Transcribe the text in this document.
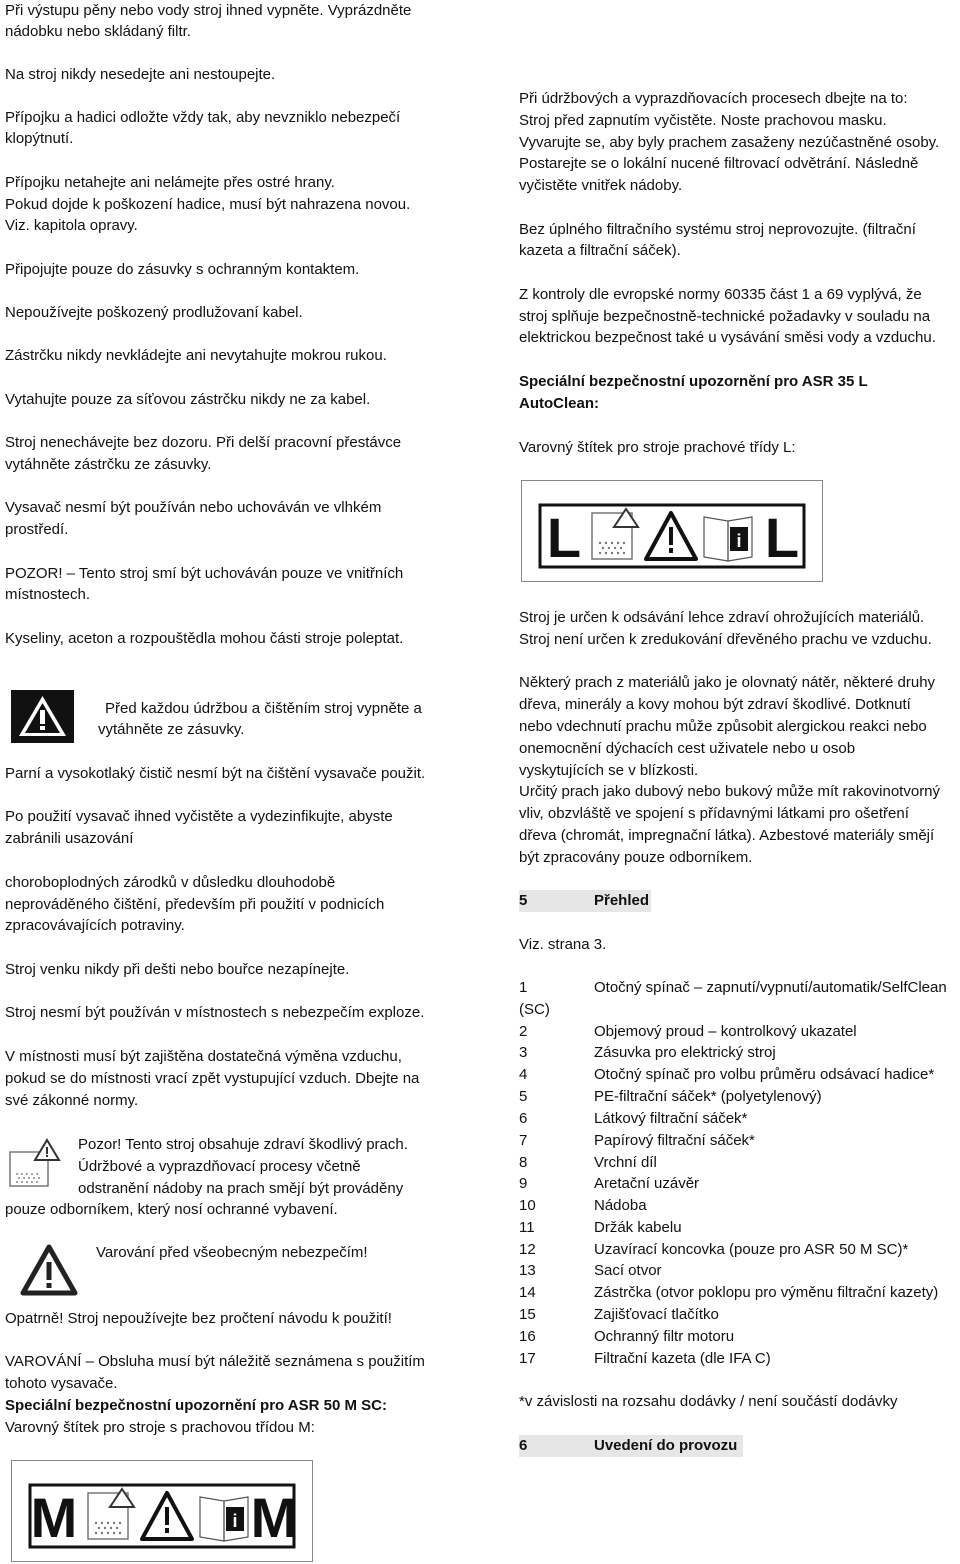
Při výstupu pěny nebo vody stroj ihned vypněte. Vyprázdněte

nádobku nebo skládaný filtr.

Na stroj nikdy nesedejte ani nestoupejte.

Přípojku a hadici odložte vždy tak, aby nevzniklo nebezpečí

klopýtnutí.

Přípojku netahejte ani nelámejte přes ostré hrany.

Pokud dojde k poškození hadice, musí být nahrazena novou.

Viz. kapitola opravy.

Připojujte pouze do zásuvky s ochranným kontaktem.

Nepoužívejte poškozený prodlužovaní kabel.

Zástrčku nikdy nevkládejte ani nevytahujte mokrou rukou.

Vytahujte pouze za síťovou zástrčku nikdy ne za kabel.

Stroj nenechávejte bez dozoru. Při delší pracovní přestávce

vytáhněte zástrčku ze zásuvky.

Vysavač nesmí být používán nebo uchováván ve vlhkém

prostředí.

POZOR! – Tento stroj smí být uchováván pouze ve vnitřních

místnostech.

Kyseliny, aceton a rozpouštědla mohou části stroje poleptat.

Před každou údržbou a čištěním stroj vypněte a

vytáhněte ze zásuvky.

Parní a vysokotlaký čistič nesmí být na čištění vysavače použit.

Po použití vysavač ihned vyčistěte a vydezinfikujte, abyste

zabránili usazování

choroboplodných zárodků v důsledku dlouhodobě

neprováděného čištění, především při použití v podnicích

zpracovávajících potraviny.

Stroj venku nikdy při dešti nebo bouřce nezapínejte.

Stroj nesmí být používán v místnostech s nebezpečím exploze.

V místnosti musí být zajištěna dostatečná výměna vzduchu,

pokud se do místnosti vrací zpět vystupující vzduch. Dbejte na

své zákonné normy.

Pozor! Tento stroj obsahuje zdraví škodlivý prach.

Údržbové a vyprazdňovací procesy včetně

odstranění nádoby na prach smějí být prováděny

pouze odborníkem, který nosí ochranné vybavení.

Varování před všeobecným nebezpečím!

Opatrně! Stroj nepoužívejte bez pročtení návodu k použití!

VAROVÁNÍ – Obsluha musí být náležitě seznámena s použitím

tohoto vysavače.

Speciální bezpečnostní upozornění pro ASR 50 M SC:

Varovný štítek pro stroje s prachovou třídou M:

M	i M

Při údržbových a vyprazdňovacích procesech dbejte na to:

Stroj před zapnutím vyčistěte. Noste prachovou masku.

Vyvarujte se, aby byly prachem zasaženy nezúčastněné osoby.

Postarejte se o lokální nucené filtrovací odvětrání. Následně

vyčistěte vnitřek nádoby.

Bez úplného filtračního systému stroj neprovozujte. (filtrační

kazeta a filtrační sáček).

Z kontroly dle evropské normy 60335 část 1 a 69 vyplývá, že

stroj splňuje bezpečnostně-technické požadavky v souladu na

elektrickou bezpečnost také u vysávání směsi vody a vzduchu.

Speciální bezpečnostní upozornění pro ASR 35 L

AutoClean:

Varovný štítek pro stroje prachové třídy L:

L	i L

Stroj je určen k odsávání lehce zdraví ohrožujících materiálů.

Stroj není určen k zredukování dřevěného prachu ve vzduchu.

Některý prach z materiálů jako je olovnatý nátěr, některé druhy

dřeva, minerály a kovy mohou být zdraví škodlivé. Dotknutí

nebo vdechnutí prachu může způsobit alergickou reakci nebo

onemocnění dýchacích cest uživatele nebo u osob

vyskytujících se v blízkosti.

Určitý prach jako dubový nebo bukový může mít rakovinotvorný

vliv, obzvláště ve spojení s přídavnými látkami pro ošetření

dřeva (chromát, impregnační látka). Azbestové materiály smějí

být zpracovány pouze odborníkem.

5	Přehled

Viz. strana 3.

1	Otočný spínač – zapnutí/vypnutí/automatik/SelfClean
(SC)
2	Objemový proud – kontrolkový ukazatel
3	Zásuvka pro elektrický stroj
4	Otočný spínač pro volbu průměru odsávací hadice*
5	PE-filtrační sáček* (polyetylenový)
6	Látkový filtrační sáček*
7	Papírový filtrační sáček*
8	Vrchní díl
9	Aretační uzávěr
10	Nádoba
11	Držák kabelu
12	Uzavírací koncovka (pouze pro ASR 50 M SC)*
13	Sací otvor
14	Zástrčka (otvor poklopu pro výměnu filtrační kazety)
15	Zajišťovací tlačítko
16	Ochranný filtr motoru
17	Filtrační kazeta (dle IFA C)

*v závislosti na rozsahu dodávky / není součástí dodávky

6	Uvedení do provozu
